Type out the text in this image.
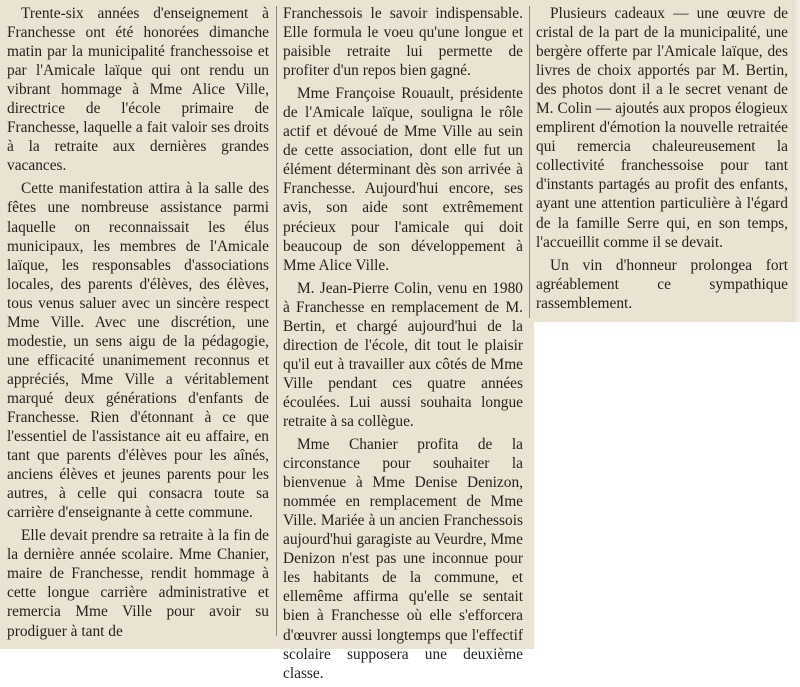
Trente-six années d'enseignement à Franchesse ont été honorées dimanche matin par la municipalité franchessoise et par l'Amicale laïque qui ont rendu un vibrant hommage à Mme Alice Ville, directrice de l'école primaire de Franchesse, laquelle a fait valoir ses droits à la retraite aux dernières grandes vacances.

Cette manifestation attira à la salle des fêtes une nombreuse assistance parmi laquelle on reconnaissait les élus municipaux, les membres de l'Amicale laïque, les responsables d'associations locales, des parents d'élèves, des élèves, tous venus saluer avec un sincère respect Mme Ville. Avec une discrétion, une modestie, un sens aigu de la pédagogie, une efficacité unanimement reconnus et appréciés, Mme Ville a véritablement marqué deux générations d'enfants de Franchesse. Rien d'étonnant à ce que l'essentiel de l'assistance ait eu affaire, en tant que parents d'élèves pour les aînés, anciens élèves et jeunes parents pour les autres, à celle qui consacra toute sa carrière d'enseignante à cette commune.

Elle devait prendre sa retraite à la fin de la dernière année scolaire. Mme Chanier, maire de Franchesse, rendit hommage à cette longue carrière administrative et remercia Mme Ville pour avoir su prodiguer à tant de

Franchessois le savoir indispensable. Elle formula le voeu qu'une longue et paisible retraite lui permette de profiter d'un repos bien gagné.

Mme Françoise Rouault, présidente de l'Amicale laïque, souligna le rôle actif et dévoué de Mme Ville au sein de cette association, dont elle fut un élément déterminant dès son arrivée à Franchesse. Aujourd'hui encore, ses avis, son aide sont extrêmement précieux pour l'amicale qui doit beaucoup de son développement à Mme Alice Ville.

M. Jean-Pierre Colin, venu en 1980 à Franchesse en remplacement de M. Bertin, et chargé aujourd'hui de la direction de l'école, dit tout le plaisir qu'il eut à travailler aux côtés de Mme Ville pendant ces quatre années écoulées. Lui aussi souhaita longue retraite à sa collègue.

Mme Chanier profita de la circonstance pour souhaiter la bienvenue à Mme Denise Denizon, nommée en remplacement de Mme Ville. Mariée à un ancien Franchessois aujourd'hui garagiste au Veurdre, Mme Denizon n'est pas une inconnue pour les habitants de la commune, et ellemême affirma qu'elle se sentait bien à Franchesse où elle s'efforcera d'œuvrer aussi longtemps que l'effectif scolaire supposera une deuxième classe.

Plusieurs cadeaux — une œuvre de cristal de la part de la municipalité, une bergère offerte par l'Amicale laïque, des livres de choix apportés par M. Bertin, des photos dont il a le secret venant de M. Colin — ajoutés aux propos élogieux emplirent d'émotion la nouvelle retraitée qui remercia chaleureusement la collectivité franchessoise pour tant d'instants partagés au profit des enfants, ayant une attention particulière à l'égard de la famille Serre qui, en son temps, l'accueillit comme il se devait.

Un vin d'honneur prolongea fort agréablement ce sympathique rassemblement.
